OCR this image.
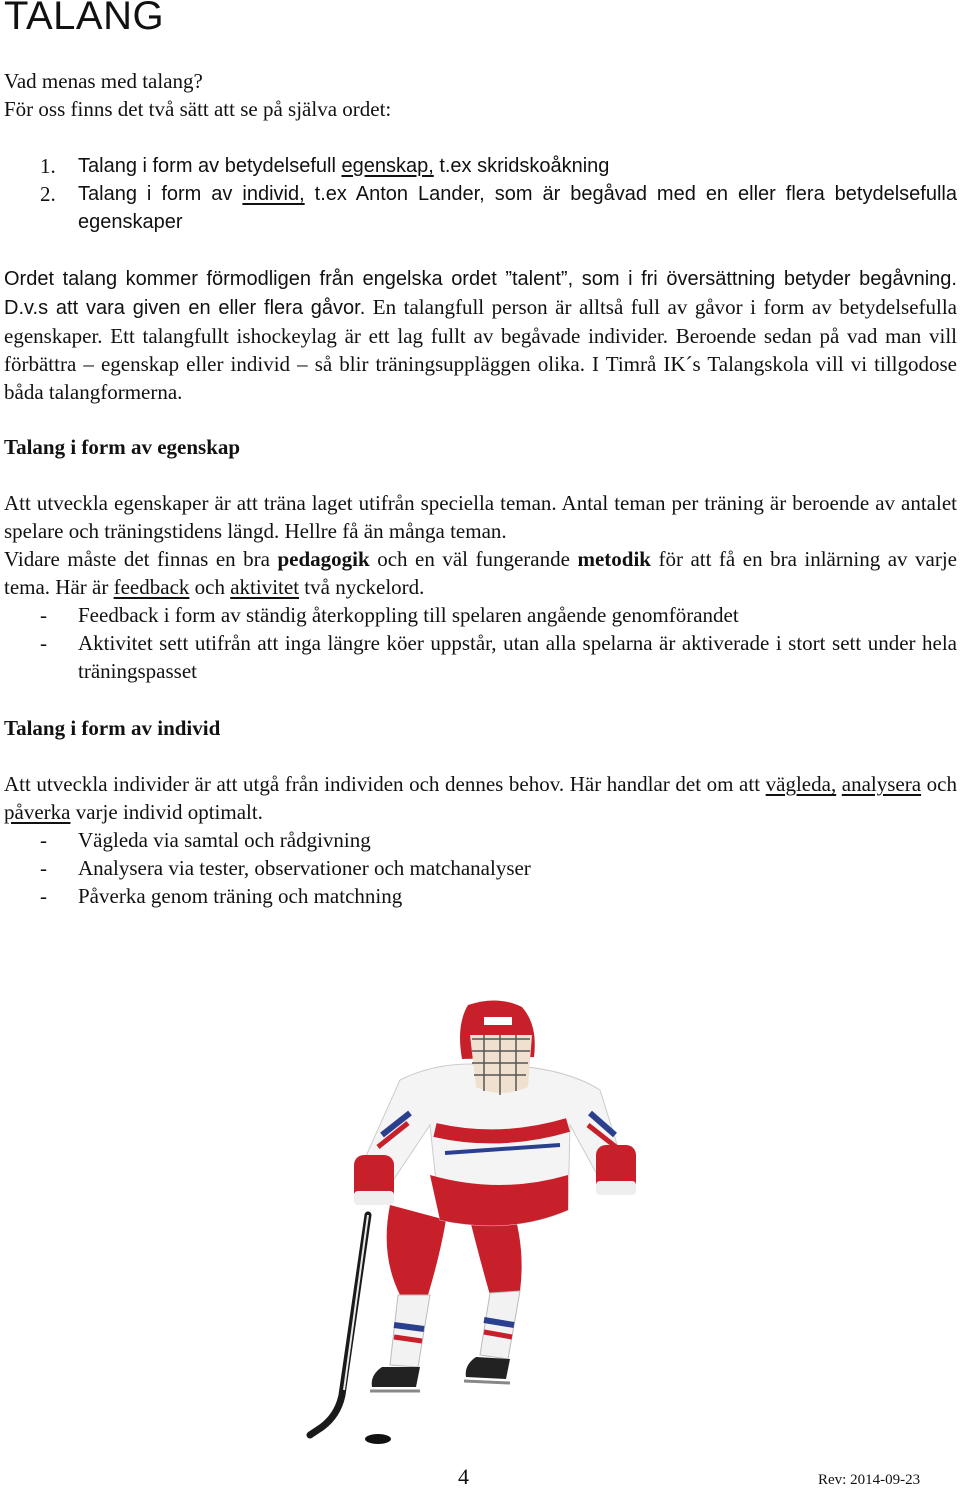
TALANG
Vad menas med talang?
För oss finns det två sätt att se på själva ordet:
1. Talang i form av betydelsefull egenskap, t.ex skridskoåkning
2. Talang i form av individ, t.ex Anton Lander, som är begåvad med en eller flera betydelsefulla egenskaper
Ordet talang kommer förmodligen från engelska ordet ”talent”, som i fri översättning betyder begåvning. D.v.s att vara given en eller flera gåvor. En talangfull person är alltså full av gåvor i form av betydelsefulla egenskaper. Ett talangfullt ishockeylag är ett lag fullt av begåvade individer. Beroende sedan på vad man vill förbättra – egenskap eller individ – så blir träningsuppläggen olika. I Timrå IK´s Talangskola vill vi tillgodose båda talangformerna.
Talang i form av egenskap
Att utveckla egenskaper är att träna laget utifrån speciella teman. Antal teman per träning är beroende av antalet spelare och träningstidens längd. Hellre få än många teman.
Vidare måste det finnas en bra pedagogik och en väl fungerande metodik för att få en bra inlärning av varje tema. Här är feedback och aktivitet två nyckelord.
- Feedback i form av ständig återkoppling till spelaren angående genomförandet
- Aktivitet sett utifrån att inga längre köer uppstår, utan alla spelarna är aktiverade i stort sett under hela träningspasset
Talang i form av individ
Att utveckla individer är att utgå från individen och dennes behov. Här handlar det om att vägleda, analysera och påverka varje individ optimalt.
- Vägleda via samtal och rådgivning
- Analysera via tester, observationer och matchanalyser
- Påverka genom träning och matchning
4	Rev: 2014-09-23
